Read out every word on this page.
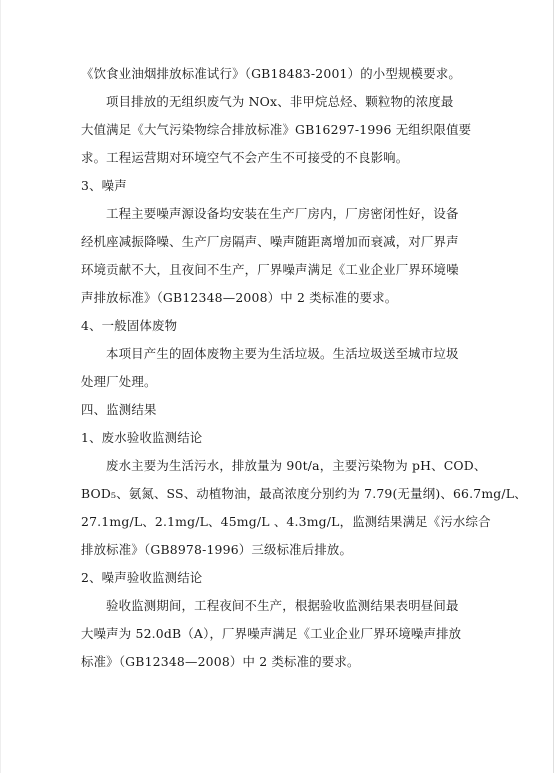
《饮食业油烟排放标准试行》（GB18483-2001）的小型规模要求。
项目排放的无组织废气为 NOx、非甲烷总烃、颗粒物的浓度最
大值满足《大气污染物综合排放标准》GB16297-1996 无组织限值要
求。工程运营期对环境空气不会产生不可接受的不良影响。
3、噪声
工程主要噪声源设备均安装在生产厂房内，厂房密闭性好，设备
经机座减振降噪、生产厂房隔声、噪声随距离增加而衰减，对厂界声
环境贡献不大，且夜间不生产，厂界噪声满足《工业企业厂界环境噪
声排放标准》（GB12348—2008）中 2 类标准的要求。
4、一般固体废物
本项目产生的固体废物主要为生活垃圾。生活垃圾送至城市垃圾
处理厂处理。
四、监测结果
1、废水验收监测结论
废水主要为生活污水，排放量为 90t/a，主要污染物为 pH、COD、
BOD₅、氨氮、SS、动植物油，最高浓度分别约为 7.79(无量纲)、66.7mg/L、
27.1mg/L、2.1mg/L、45mg/L 、4.3mg/L，监测结果满足《污水综合
排放标准》（GB8978-1996）三级标准后排放。
2、噪声验收监测结论
验收监测期间，工程夜间不生产，根据验收监测结果表明昼间最
大噪声为 52.0dB（A），厂界噪声满足《工业企业厂界环境噪声排放
标准》（GB12348—2008）中 2 类标准的要求。
